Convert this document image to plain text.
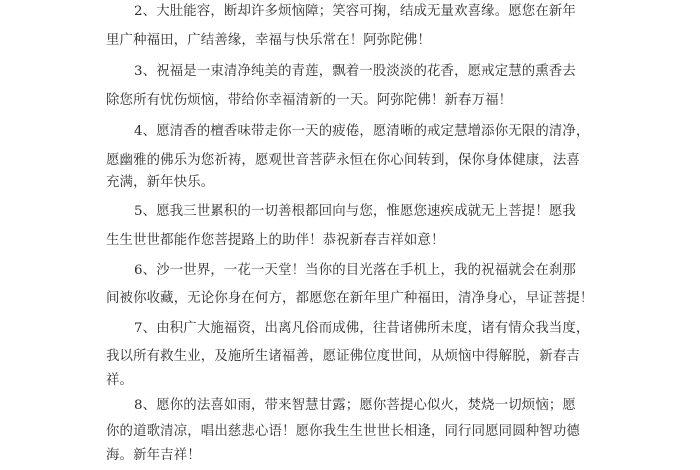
2、大肚能容，断却许多烦恼障；笑容可掬，结成无量欢喜缘。愿您在新年
里广种福田，广结善缘，幸福与快乐常在！阿弥陀佛！
3、祝福是一束清净纯美的青莲，飘着一股淡淡的花香，愿戒定慧的熏香去
除您所有忧伤烦恼，带给你幸福清新的一天。阿弥陀佛！新春万福！
4、愿清香的檀香味带走你一天的疲倦，愿清晰的戒定慧增添你无限的清净，
愿幽雅的佛乐为您祈祷，愿观世音菩萨永恒在你心间转到，保你身体健康，法喜
充满，新年快乐。
5、愿我三世累积的一切善根都回向与您，惟愿您速疾成就无上菩提！愿我
生生世世都能作您菩提路上的助伴！恭祝新春吉祥如意！
6、沙一世界，一花一天堂！当你的目光落在手机上，我的祝福就会在刹那
间被你收藏，无论你身在何方，都愿您在新年里广种福田，清净身心，早证菩提！
7、由积广大施福资，出离凡俗而成佛，往昔诸佛所未度，诸有情众我当度，
我以所有救生业，及施所生诸福善，愿证佛位度世间，从烦恼中得解脱，新春吉
祥。
8、愿你的法喜如雨，带来智慧甘露；愿你菩提心似火，焚烧一切烦恼；愿
你的道歌清凉，唱出慈悲心语！愿你我生生世世长相逢，同行同愿同圆种智功德
海。新年吉祥！
